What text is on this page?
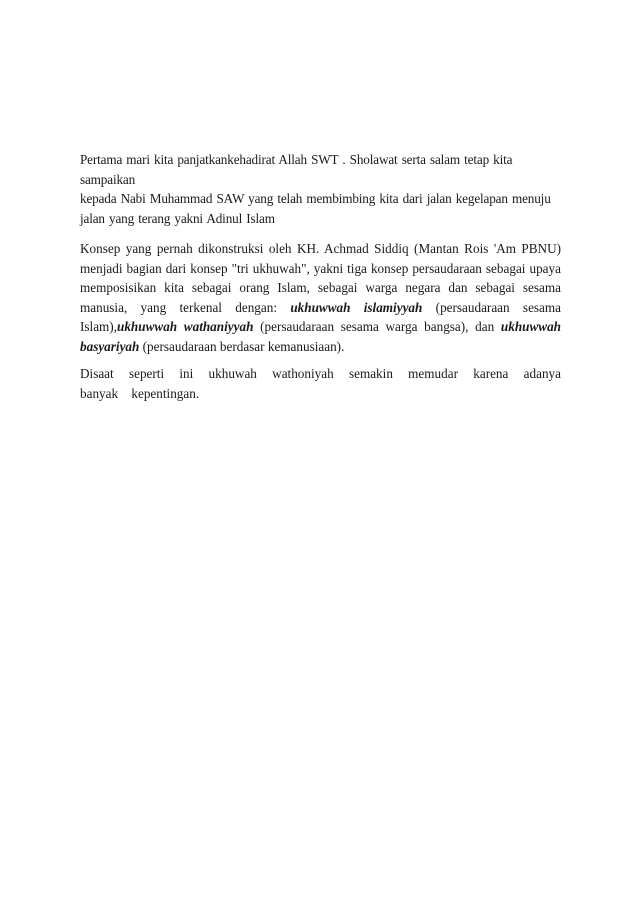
Pertama mari kita panjatkankehadirat Allah SWT . Sholawat serta salam tetap kita sampaikan
kepada Nabi Muhammad SAW yang telah membimbing kita dari jalan kegelapan menuju
jalan yang terang yakni Adinul Islam

Konsep yang pernah dikonstruksi oleh KH. Achmad Siddiq (Mantan Rois 'Am PBNU) menjadi bagian dari konsep "tri ukhuwah", yakni tiga konsep persaudaraan sebagai upaya memposisikan kita sebagai orang Islam, sebagai warga negara dan sebagai sesama manusia, yang terkenal dengan: ukhuwwah islamiyyah (persaudaraan sesama Islam),ukhuwwah wathaniyyah (persaudaraan sesama warga bangsa), dan ukhuwwah basyariyah (persaudaraan berdasar kemanusiaan).

Disaat seperti ini ukhuwah wathoniyah semakin memudar karena adanya banyak kepentingan.
